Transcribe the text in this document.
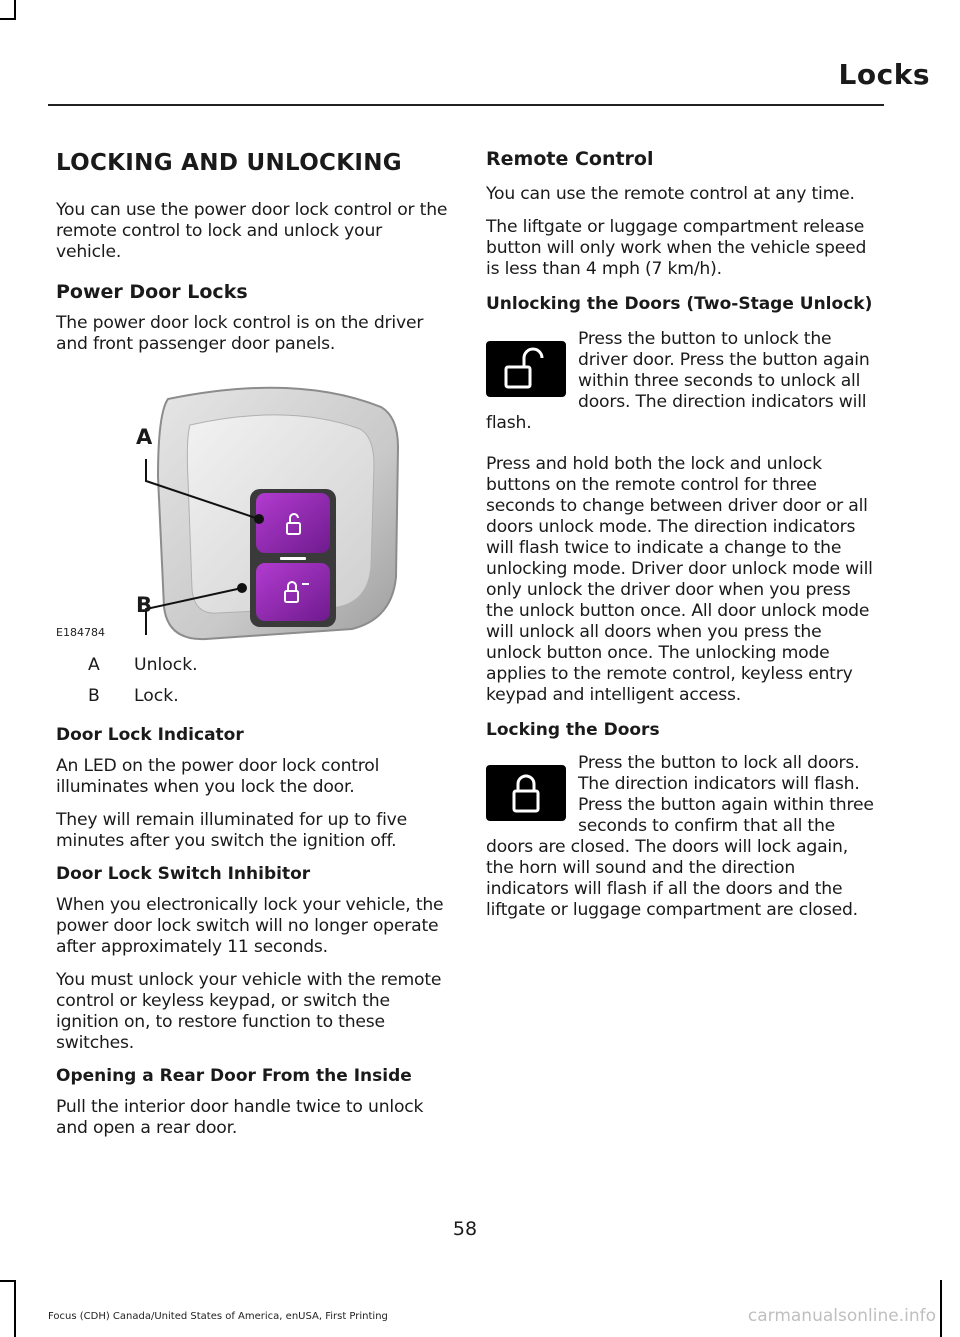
Locks
LOCKING AND UNLOCKING

You can use the power door lock control or the remote control to lock and unlock your vehicle.

Power Door Locks

The power door lock control is on the driver and front passenger door panels.

A
B
E184784
A	Unlock.
B	Lock.
Door Lock Indicator

An LED on the power door lock control illuminates when you lock the door.

They will remain illuminated for up to five minutes after you switch the ignition off.

Door Lock Switch Inhibitor

When you electronically lock your vehicle, the power door lock switch will no longer operate after approximately 11 seconds.

You must unlock your vehicle with the remote control or keyless keypad, or switch the ignition on, to restore function to these switches.

Opening a Rear Door From the Inside

Pull the interior door handle twice to unlock and open a rear door.

Remote Control

You can use the remote control at any time.

The liftgate or luggage compartment release button will only work when the vehicle speed is less than 4 mph (7 km/h).

Unlocking the Doors (Two-Stage Unlock)

Press the button to unlock the driver door. Press the button again within three seconds to unlock all doors. The direction indicators will flash.

Press and hold both the lock and unlock buttons on the remote control for three seconds to change between driver door or all doors unlock mode. The direction indicators will flash twice to indicate a change to the unlocking mode. Driver door unlock mode will only unlock the driver door when you press the unlock button once. All door unlock mode will unlock all doors when you press the unlock button once. The unlocking mode applies to the remote control, keyless entry keypad and intelligent access.

Locking the Doors

Press the button to lock all doors. The direction indicators will flash. Press the button again within three seconds to confirm that all the doors are closed. The doors will lock again, the horn will sound and the direction indicators will flash if all the doors and the liftgate or luggage compartment are closed.

58
Focus (CDH) Canada/United States of America, enUSA, First Printing	carmanualsonline.info
